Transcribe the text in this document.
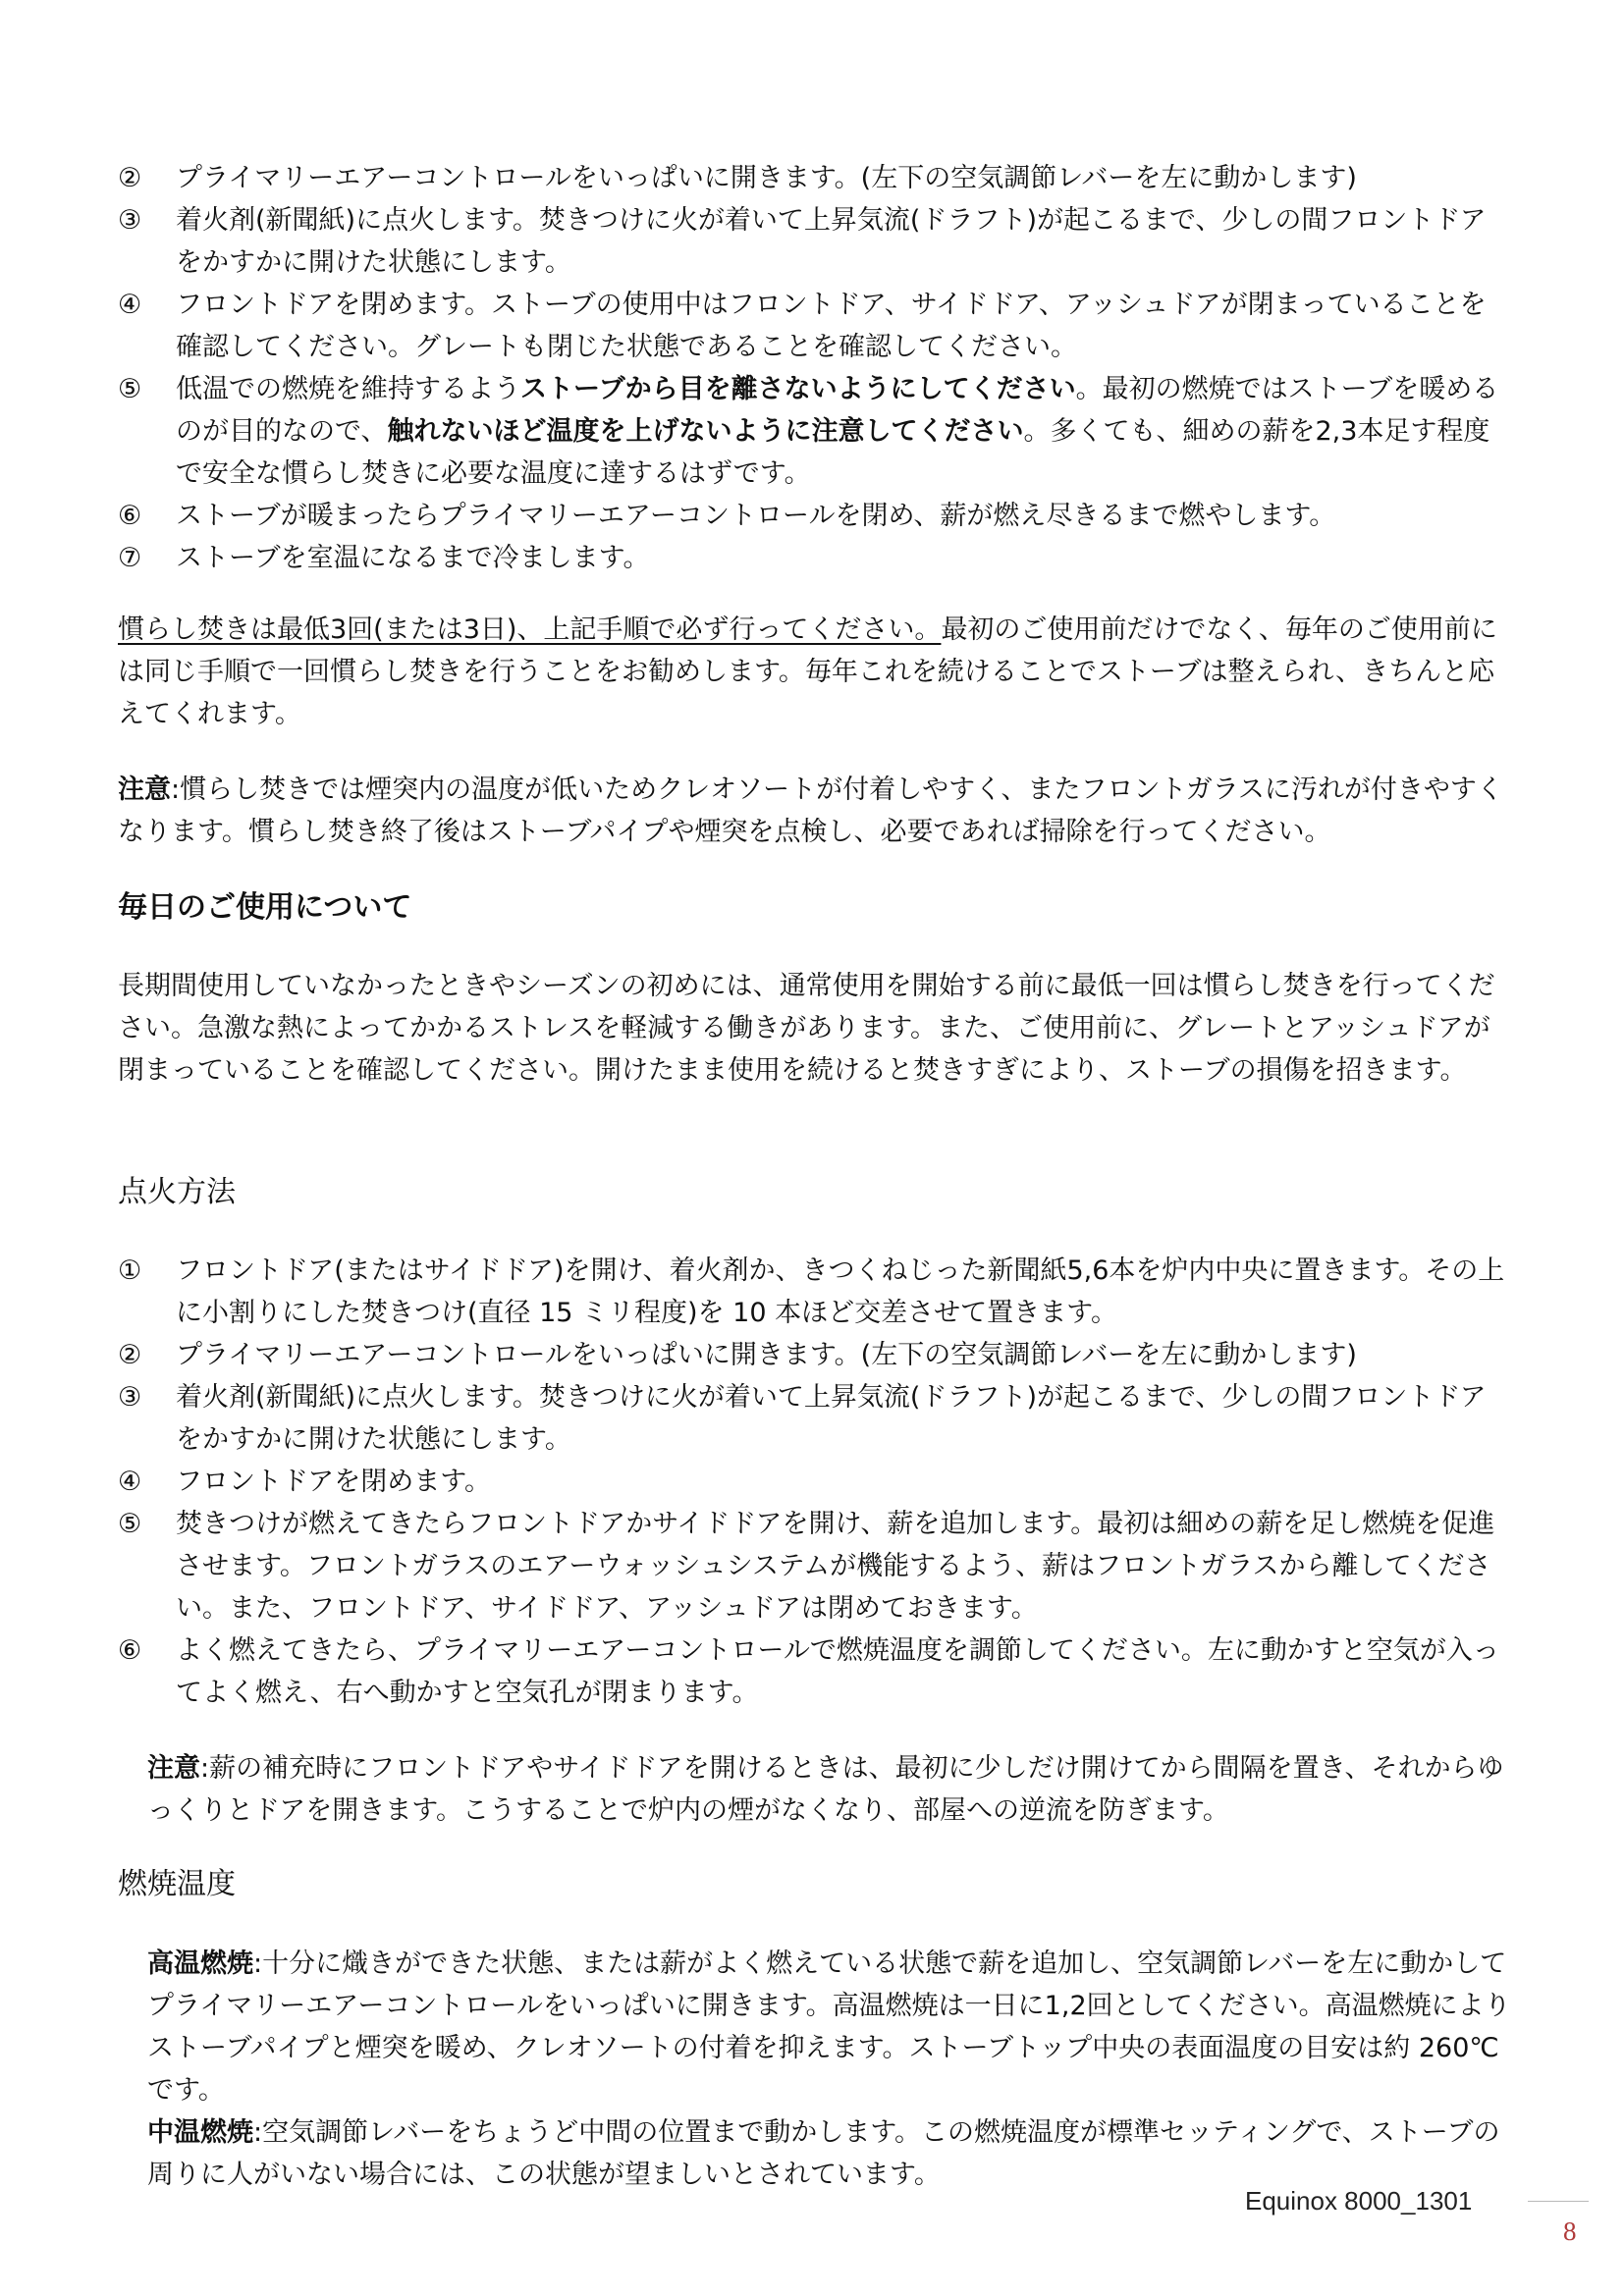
②	プライマリーエアーコントロールをいっぱいに開きます。(左下の空気調節レバーを左に動かします)
③	着火剤(新聞紙)に点火します。焚きつけに火が着いて上昇気流(ドラフト)が起こるまで、少しの間フロントドアをかすかに開けた状態にします。
④	フロントドアを閉めます。ストーブの使用中はフロントドア、サイドドア、アッシュドアが閉まっていることを確認してください。グレートも閉じた状態であることを確認してください。
⑤	低温での燃焼を維持するようストーブから目を離さないようにしてください。最初の燃焼ではストーブを暖めるのが目的なので、触れないほど温度を上げないように注意してください。多くても、細めの薪を2,3本足す程度で安全な慣らし焚きに必要な温度に達するはずです。
⑥	ストーブが暖まったらプライマリーエアーコントロールを閉め、薪が燃え尽きるまで燃やします。
⑦	ストーブを室温になるまで冷まします。

慣らし焚きは最低3回(または3日)、上記手順で必ず行ってください。最初のご使用前だけでなく、毎年のご使用前には同じ手順で一回慣らし焚きを行うことをお勧めします。毎年これを続けることでストーブは整えられ、きちんと応えてくれます。

注意:慣らし焚きでは煙突内の温度が低いためクレオソートが付着しやすく、またフロントガラスに汚れが付きやすくなります。慣らし焚き終了後はストーブパイプや煙突を点検し、必要であれば掃除を行ってください。

毎日のご使用について

長期間使用していなかったときやシーズンの初めには、通常使用を開始する前に最低一回は慣らし焚きを行ってください。急激な熱によってかかるストレスを軽減する働きがあります。また、ご使用前に、グレートとアッシュドアが閉まっていることを確認してください。開けたまま使用を続けると焚きすぎにより、ストーブの損傷を招きます。

点火方法
①	フロントドア(またはサイドドア)を開け、着火剤か、きつくねじった新聞紙5,6本を炉内中央に置きます。その上に小割りにした焚きつけ(直径 15 ミリ程度)を 10 本ほど交差させて置きます。
②	プライマリーエアーコントロールをいっぱいに開きます。(左下の空気調節レバーを左に動かします)
③	着火剤(新聞紙)に点火します。焚きつけに火が着いて上昇気流(ドラフト)が起こるまで、少しの間フロントドアをかすかに開けた状態にします。
④	フロントドアを閉めます。
⑤	焚きつけが燃えてきたらフロントドアかサイドドアを開け、薪を追加します。最初は細めの薪を足し燃焼を促進させます。フロントガラスのエアーウォッシュシステムが機能するよう、薪はフロントガラスから離してください。また、フロントドア、サイドドア、アッシュドアは閉めておきます。
⑥	よく燃えてきたら、プライマリーエアーコントロールで燃焼温度を調節してください。左に動かすと空気が入ってよく燃え、右へ動かすと空気孔が閉まります。

注意:薪の補充時にフロントドアやサイドドアを開けるときは、最初に少しだけ開けてから間隔を置き、それからゆっくりとドアを開きます。こうすることで炉内の煙がなくなり、部屋への逆流を防ぎます。

燃焼温度

高温燃焼:十分に熾きができた状態、または薪がよく燃えている状態で薪を追加し、空気調節レバーを左に動かしてプライマリーエアーコントロールをいっぱいに開きます。高温燃焼は一日に1,2回としてください。高温燃焼によりストーブパイプと煙突を暖め、クレオソートの付着を抑えます。ストーブトップ中央の表面温度の目安は約 260℃です。

中温燃焼:空気調節レバーをちょうど中間の位置まで動かします。この燃焼温度が標準セッティングで、ストーブの周りに人がいない場合には、この状態が望ましいとされています。

Equinox 8000_1301
8
